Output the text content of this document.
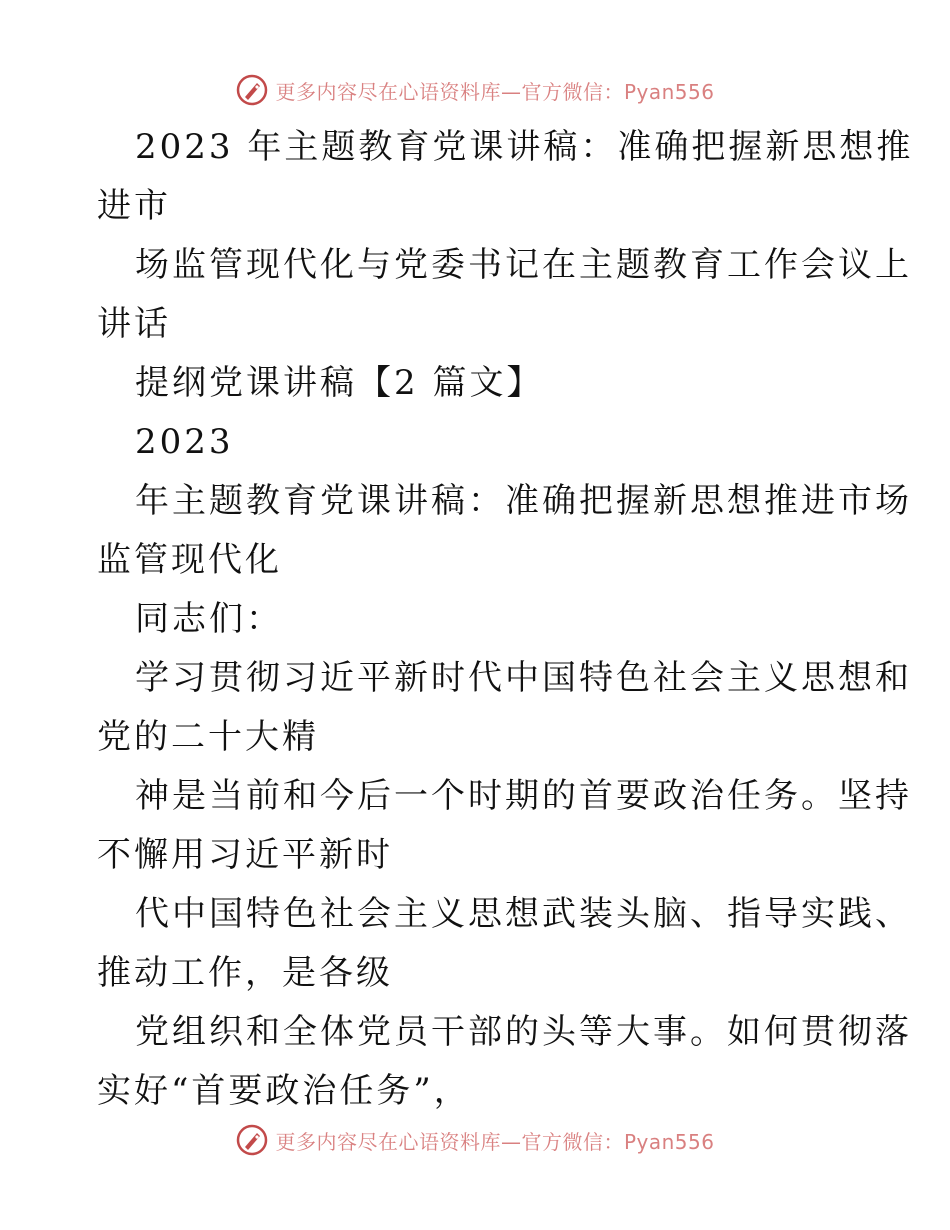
更多内容尽在心语资料库—官方微信：Pyan556
2023 年主题教育党课讲稿：准确把握新思想推
进市
场监管现代化与党委书记在主题教育工作会议上
讲话
提纲党课讲稿【2 篇文】
2023
年主题教育党课讲稿：准确把握新思想推进市场
监管现代化
同志们：
学习贯彻习近平新时代中国特色社会主义思想和
党的二十大精
神是当前和今后一个时期的首要政治任务。坚持
不懈用习近平新时
代中国特色社会主义思想武装头脑、指导实践、
推动工作，是各级
党组织和全体党员干部的头等大事。如何贯彻落
实好“首要政治任务”，
更多内容尽在心语资料库—官方微信：Pyan556
